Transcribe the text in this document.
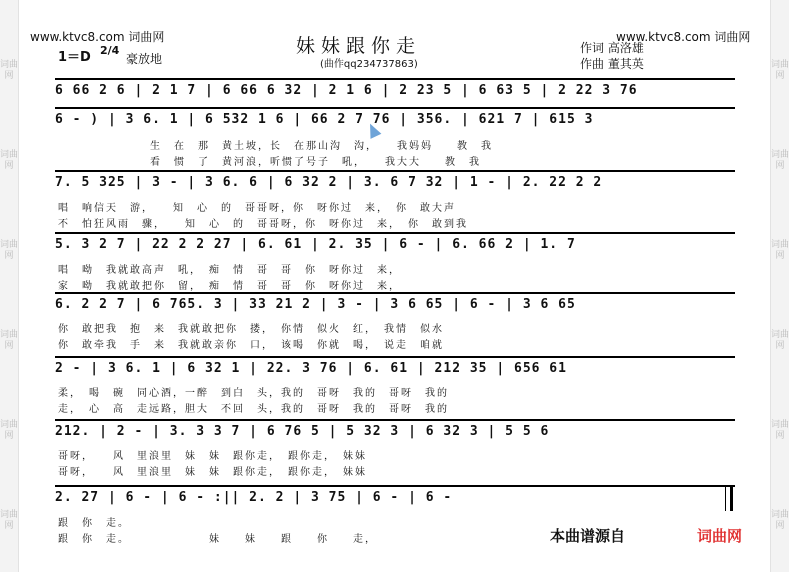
词曲网
词曲网
词曲网
词曲网
词曲网
词曲网
词曲网
词曲网
词曲网
词曲网
词曲网
词曲网
www.ktvc8.com 词曲网	www.ktvc8.com 词曲网
妹妹跟你走
(曲作qq234737863)
1＝D 2/4
豪放地
作词 高洛雄
作曲 董其英
6 66 2 6 | 2 1 7 | 6 66 6 32 | 2 1 6 | 2 23 5 | 6 63 5 | 2 22 3 76
6 - ) | 3 6. 1 | 6 532 1 6 | 66 2 7 76 | 356. | 621 7 | 615 3
7. 5 325 | 3 - | 3 6. 6 | 6 32 2 | 3. 6 7 32 | 1 - | 2. 22 2 2
5. 3 2 7 | 22 2 2 27 | 6. 61 | 2. 35 | 6 - | 6. 66 2 | 1. 7
6. 2 2 7 | 6 765. 3 | 33 21 2 | 3 - | 3 6 65 | 6 - | 3 6 65
2 - | 3 6. 1 | 6 32 1 | 22. 3 76 | 6. 61 | 212 35 | 656 61
212. | 2 - | 3. 3 3 7 | 6 76 5 | 5 32 3 | 6 32 3 | 5 5 6
2. 27 | 6 - | 6 - :|| 2. 2 | 3 75 | 6 - | 6 -
生　在　那　黄土坡，长　在那山沟　沟，　　我妈妈　　教　我
看　惯　了　黄河浪，听惯了号子　吼，　　我大大　　教　我
唱　响信天　游，　　知　心　的　哥哥呀，你　呀你过　来，　你　敢大声
不　怕狂风雨　骤，　　知　心　的　哥哥呀，你　呀你过　来，　你　敢到我
唱　呦　我就敢高声　吼，　痴　情　哥　哥　你　呀你过　来，
家　呦　我就敢把你　留，　痴　情　哥　哥　你　呀你过　来，
你　敢把我　抱　来　我就敢把你　搂，　你情　似火　红，　我情　似水
你　敢牵我　手　来　我就敢亲你　口，　该喝　你就　喝，　说走　咱就
柔，　喝　碗　同心酒，一醉　到白　头，我的　哥呀　我的　哥呀　我的
走，　心　高　走远路，胆大　不回　头，我的　哥呀　我的　哥呀　我的
哥呀，　　风　里浪里　妹　妹　跟你走，　跟你走，　妹妹
哥呀，　　风　里浪里　妹　妹　跟你走，　跟你走，　妹妹
跟　你　走。
跟　你　走。　　　　　　　妹　　妹　　跟　　你　　走，	本曲谱源自	词曲网
